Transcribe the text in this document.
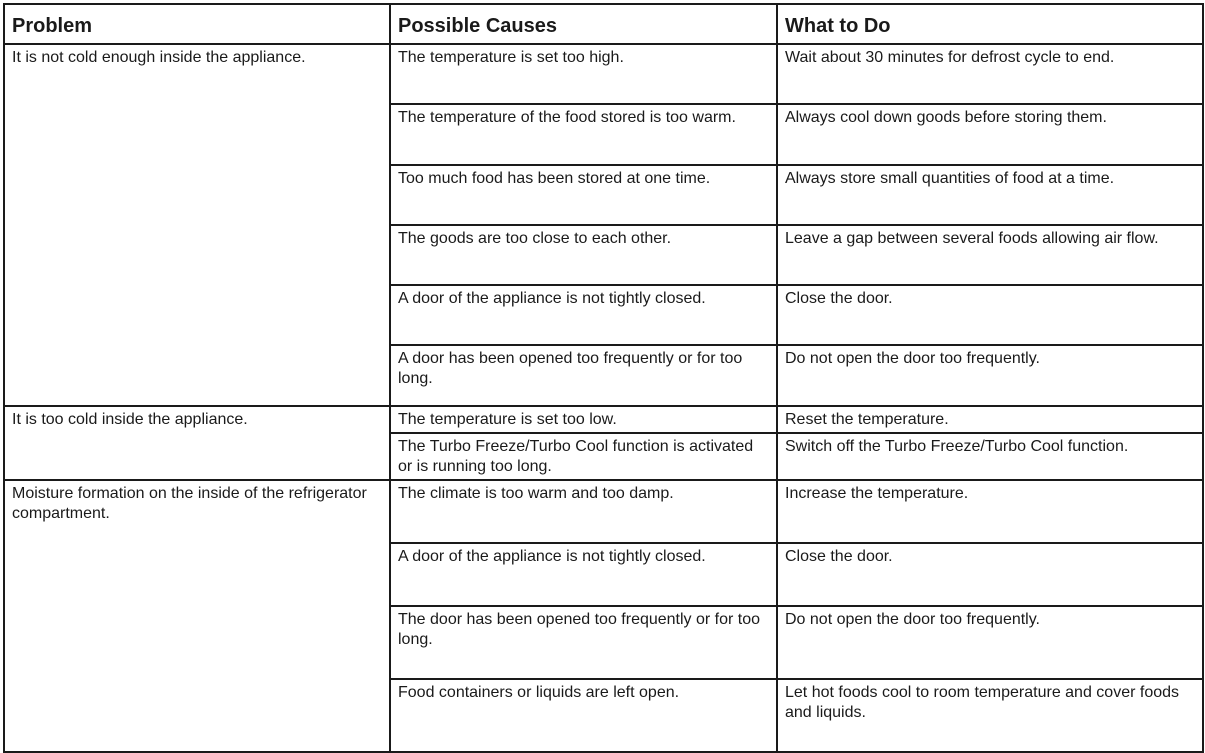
Problem	Possible Causes	What to Do
It is not cold enough inside the appliance.	The temperature is set too high.	Wait about 30 minutes for defrost cycle to end.
	The temperature of the food stored is too warm.	Always cool down goods before storing them.
	Too much food has been stored at one time.	Always store small quantities of food at a time.
	The goods are too close to each other.	Leave a gap between several foods allowing air flow.
	A door of the appliance is not tightly closed.	Close the door.
	A door has been opened too frequently or for too long.	Do not open the door too frequently.
It is too cold inside the appliance.	The temperature is set too low.	Reset the temperature.
	The Turbo Freeze/Turbo Cool function is activated or is running too long.	Switch off the Turbo Freeze/Turbo Cool function.
Moisture formation on the inside of the refrigerator compartment.	The climate is too warm and too damp.	Increase the temperature.
	A door of the appliance is not tightly closed.	Close the door.
	The door has been opened too frequently or for too long.	Do not open the door too frequently.
	Food containers or liquids are left open.	Let hot foods cool to room temperature and cover foods and liquids.
